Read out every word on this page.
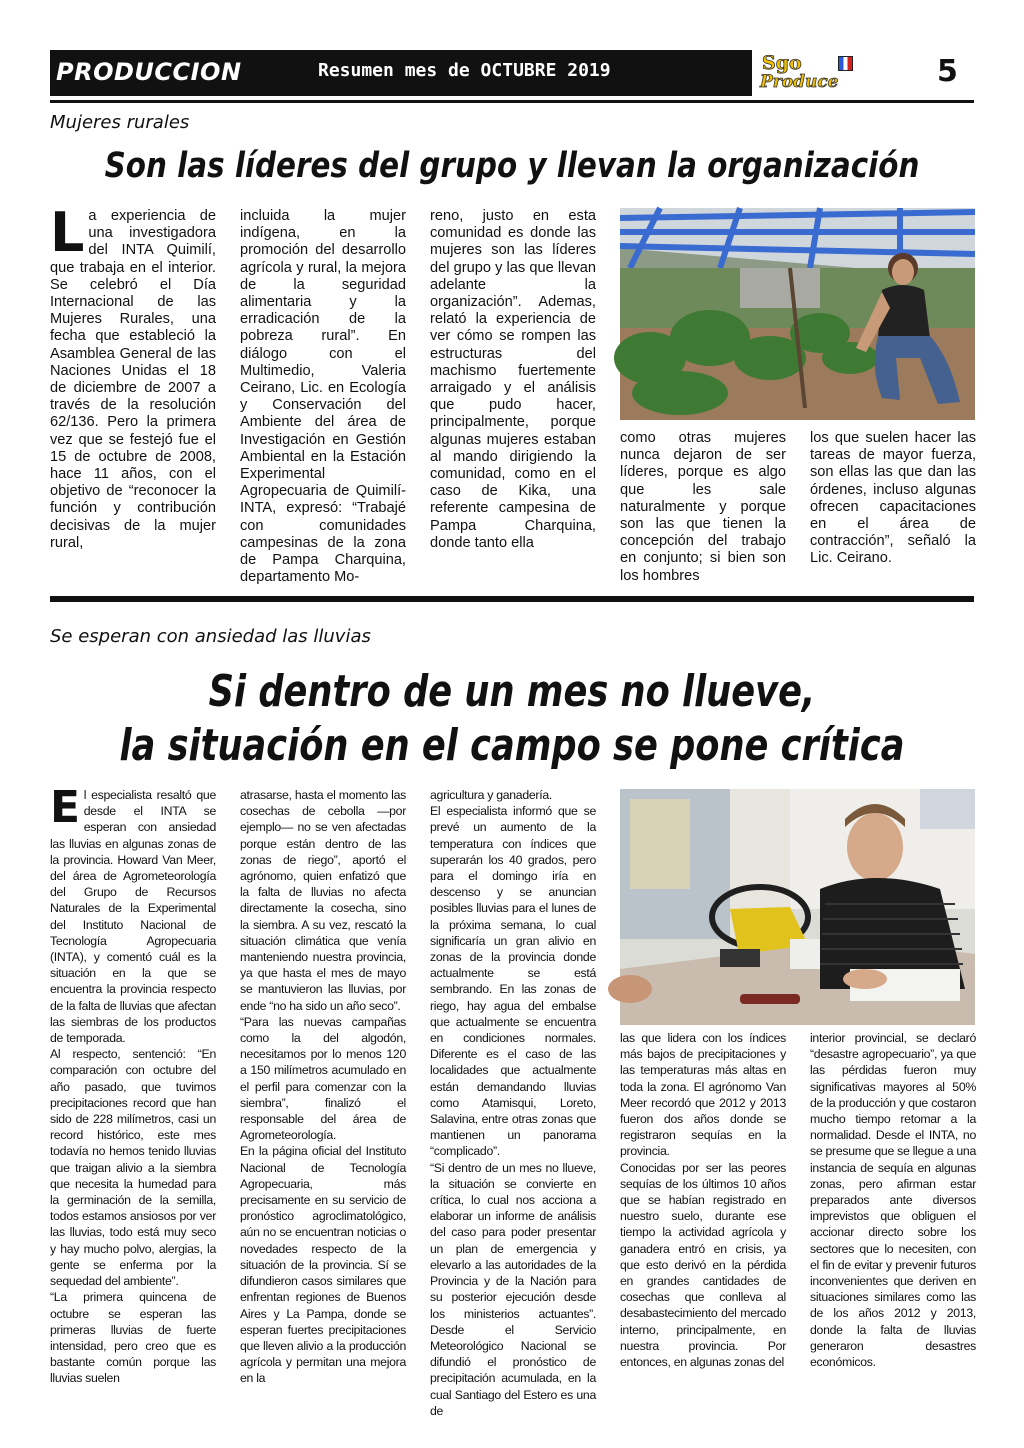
PRODUCCION	Resumen mes de OCTUBRE 2019	Sgo
Produce	5
Mujeres rurales
Son las líderes del grupo y llevan la organización
L a experiencia de una investigadora del INTA Quimilí, que trabaja en el interior. Se celebró el Día Internacional de las Mujeres Rurales, una fecha que estableció la Asamblea General de las Naciones Unidas el 18 de diciembre de 2007 a través de la resolución 62/136. Pero la primera vez que se festejó fue el 15 de octubre de 2008, hace 11 años, con el objetivo de “reconocer la función y contribución decisivas de la mujer rural,
incluida la mujer indígena, en la promoción del desarrollo agrícola y rural, la mejora de la seguridad alimentaria y la erradicación de la pobreza rural”. En diálogo con el Multimedio, Valeria Ceirano, Lic. en Ecología y Conservación del Ambiente del área de Investigación en Gestión Ambiental en la Estación Experimental Agropecuaria de Quimilí-INTA, expresó: “Trabajé con comunidades campesinas de la zona de Pampa Charquina, departamento Mo-
reno, justo en esta comunidad es donde las mujeres son las líderes del grupo y las que llevan adelante la organización”. Ademas, relató la experiencia de ver cómo se rompen las estructuras del machismo fuertemente arraigado y el análisis que pudo hacer, principalmente, porque algunas mujeres estaban al mando dirigiendo la comunidad, como en el caso de Kika, una referente campesina de Pampa Charquina, donde tanto ella
como otras mujeres nunca dejaron de ser líderes, porque es algo que les sale naturalmente y porque son las que tienen la concepción del trabajo en conjunto; si bien son los hombres
los que suelen hacer las tareas de mayor fuerza, son ellas las que dan las órdenes, incluso algunas ofrecen capacitaciones en el área de contracción”, señaló la Lic. Ceirano.
Se esperan con ansiedad las lluvias
Si dentro de un mes no llueve,
la situación en el campo se pone crítica

El especialista resaltó que desde el INTA se esperan con ansiedad las lluvias en algunas zonas de la provincia. Howard Van Meer, del área de Agrometeorología del Grupo de Recursos Naturales de la Experimental del Instituto Nacional de Tecnología Agropecuaria (INTA), y comentó cuál es la situación en la que se encuentra la provincia respecto de la falta de lluvias que afectan las siembras de los productos de temporada.

Al respecto, sentenció: “En comparación con octubre del año pasado, que tuvimos precipitaciones record que han sido de 228 milímetros, casi un record histórico, este mes todavía no hemos tenido lluvias que traigan alivio a la siembra que necesita la humedad para la germinación de la semilla, todos estamos ansiosos por ver las lluvias, todo está muy seco y hay mucho polvo, alergias, la gente se enferma por la sequedad del ambiente”.

“La primera quincena de octubre se esperan las primeras lluvias de fuerte intensidad, pero creo que es bastante común porque las lluvias suelen

atrasarse, hasta el momento las cosechas de cebolla —por ejemplo— no se ven afectadas porque están dentro de las zonas de riego”, aportó el agrónomo, quien enfatizó que la falta de lluvias no afecta directamente la cosecha, sino la siembra. A su vez, rescató la situación climática que venía manteniendo nuestra provincia, ya que hasta el mes de mayo se mantuvieron las lluvias, por ende “no ha sido un año seco”.

“Para las nuevas campañas como la del algodón, necesitamos por lo menos 120 a 150 milímetros acumulado en el perfil para comenzar con la siembra”, finalizó el responsable del área de Agrometeorología.

En la página oficial del Instituto Nacional de Tecnología Agropecuaria, más precisamente en su servicio de pronóstico agroclimatológico, aún no se encuentran noticias o novedades respecto de la situación de la provincia. Sí se difundieron casos similares que enfrentan regiones de Buenos Aires y La Pampa, donde se esperan fuertes precipitaciones que lleven alivio a la producción agrícola y permitan una mejora en la

agricultura y ganadería.

El especialista informó que se prevé un aumento de la temperatura con índices que superarán los 40 grados, pero para el domingo iría en descenso y se anuncian posibles lluvias para el lunes de la próxima semana, lo cual significaría un gran alivio en zonas de la provincia donde actualmente se está sembrando. En las zonas de riego, hay agua del embalse que actualmente se encuentra en condiciones normales. Diferente es el caso de las localidades que actualmente están demandando lluvias como Atamisqui, Loreto, Salavina, entre otras zonas que mantienen un panorama “complicado”.

“Si dentro de un mes no llueve, la situación se convierte en crítica, lo cual nos acciona a elaborar un informe de análisis del caso para poder presentar un plan de emergencia y elevarlo a las autoridades de la Provincia y de la Nación para su posterior ejecución desde los ministerios actuantes”. Desde el Servicio Meteorológico Nacional se difundió el pronóstico de precipitación acumulada, en la cual Santiago del Estero es una de

las que lidera con los índices más bajos de precipitaciones y las temperaturas más altas en toda la zona. El agrónomo Van Meer recordó que 2012 y 2013 fueron dos años donde se registraron sequías en la provincia.

Conocidas por ser las peores sequías de los últimos 10 años que se habían registrado en nuestro suelo, durante ese tiempo la actividad agrícola y ganadera entró en crisis, ya que esto derivó en la pérdida en grandes cantidades de cosechas que conlleva al desabastecimiento del mercado interno, principalmente, en nuestra provincia. Por entonces, en algunas zonas del

interior provincial, se declaró “desastre agropecuario”, ya que las pérdidas fueron muy significativas mayores al 50% de la producción y que costaron mucho tiempo retomar a la normalidad. Desde el INTA, no se presume que se llegue a una instancia de sequía en algunas zonas, pero afirman estar preparados ante diversos imprevistos que obliguen el accionar directo sobre los sectores que lo necesiten, con el fin de evitar y prevenir futuros inconvenientes que deriven en situaciones similares como las de los años 2012 y 2013, donde la falta de lluvias generaron desastres económicos.
